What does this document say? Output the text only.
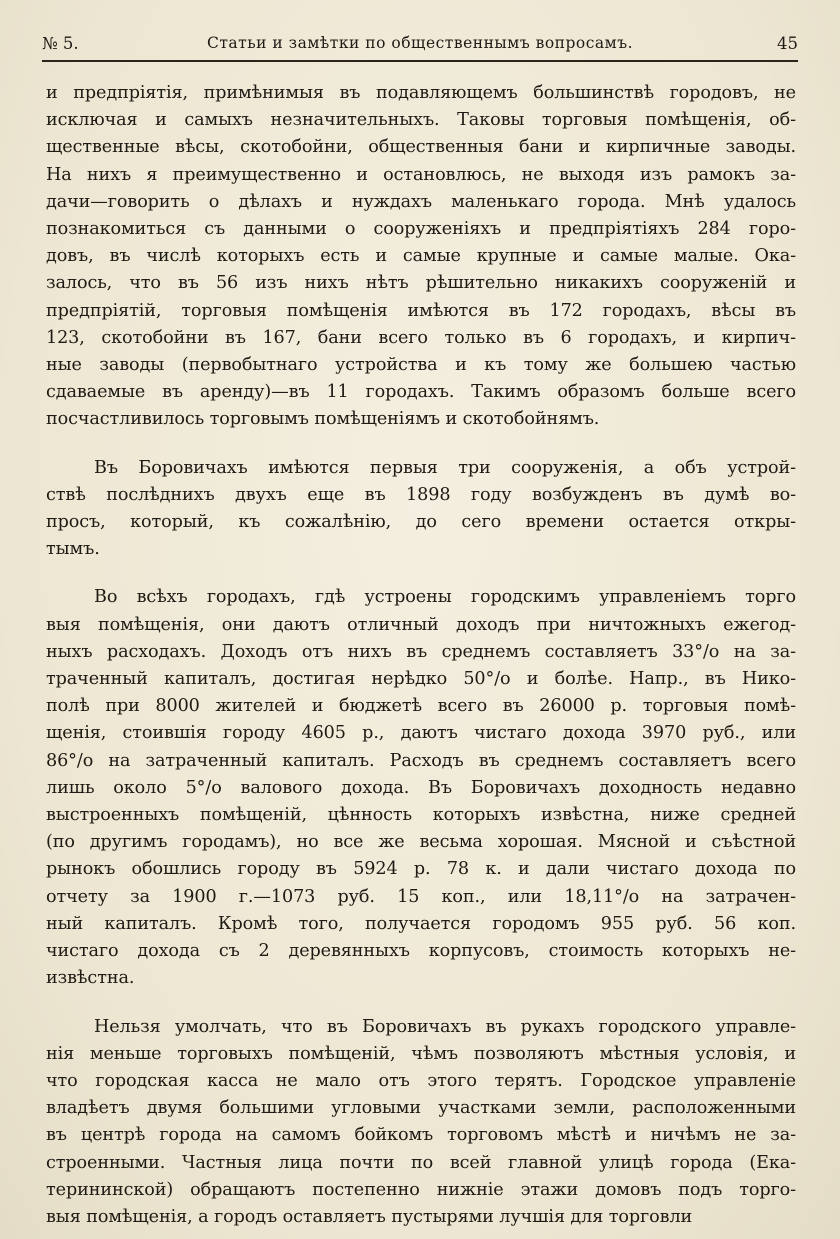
№ 5.	Статьи и замѣтки по общественнымъ вопросамъ.	45
и предпріятія, примѣнимыя въ подавляющемъ большинствѣ городовъ, не
исключая и самыхъ незначительныхъ. Таковы торговыя помѣщенія, об-
щественные вѣсы, скотобойни, общественныя бани и кирпичные заводы.
На нихъ я преимущественно и остановлюсь, не выходя изъ рамокъ за-
дачи—говорить о дѣлахъ и нуждахъ маленькаго города. Мнѣ удалось
познакомиться съ данными о сооруженіяхъ и предпріятіяхъ 284 горо-
довъ, въ числѣ которыхъ есть и самые крупные и самые малые. Ока-
залось, что въ 56 изъ нихъ нѣтъ рѣшительно никакихъ сооруженій и
предпріятій, торговыя помѣщенія имѣются въ 172 городахъ, вѣсы въ
123, скотобойни въ 167, бани всего только въ 6 городахъ, и кирпич-
ные заводы (первобытнаго устройства и къ тому же большею частью
сдаваемые въ аренду)—въ 11 городахъ. Такимъ образомъ больше всего
посчастливилось торговымъ помѣщеніямъ и скотобойнямъ.
Въ Боровичахъ имѣются первыя три сооруженія, а объ устрой-
ствѣ послѣднихъ двухъ еще въ 1898 году возбужденъ въ думѣ во-
просъ, который, къ сожалѣнію, до сего времени остается откры-
тымъ.
Во всѣхъ городахъ, гдѣ устроены городскимъ управленіемъ торго
выя помѣщенія, они даютъ отличный доходъ при ничтожныхъ ежегод-
ныхъ расходахъ. Доходъ отъ нихъ въ среднемъ составляетъ 33°/о на за-
траченный капиталъ, достигая нерѣдко 50°/о и болѣе. Напр., въ Нико-
полѣ при 8000 жителей и бюджетѣ всего въ 26000 р. торговыя помѣ-
щенія, стоившія городу 4605 р., даютъ чистаго дохода 3970 руб., или
86°/о на затраченный капиталъ. Расходъ въ среднемъ составляетъ всего
лишь около 5°/о валового дохода. Въ Боровичахъ доходность недавно
выстроенныхъ помѣщеній, цѣнность которыхъ извѣстна, ниже средней
(по другимъ городамъ), но все же весьма хорошая. Мясной и съѣстной
рынокъ обошлись городу въ 5924 р. 78 к. и дали чистаго дохода по
отчету за 1900 г.—1073 руб. 15 коп., или 18,11°/о на затрачен-
ный капиталъ. Кромѣ того, получается городомъ 955 руб. 56 коп.
чистаго дохода съ 2 деревянныхъ корпусовъ, стоимость которыхъ не-
извѣстна.
Нельзя умолчать, что въ Боровичахъ въ рукахъ городского управле-
нія меньше торговыхъ помѣщеній, чѣмъ позволяютъ мѣстныя условія, и
что городская касса не мало отъ этого терятъ. Городское управленіе
владѣетъ двумя большими угловыми участками земли, расположенными
въ центрѣ города на самомъ бойкомъ торговомъ мѣстѣ и ничѣмъ не за-
строенными. Частныя лица почти по всей главной улицѣ города (Ека-
терининской) обращаютъ постепенно нижніе этажи домовъ подъ торго-
выя помѣщенія, а городъ оставляетъ пустырями лучшія для торговли
